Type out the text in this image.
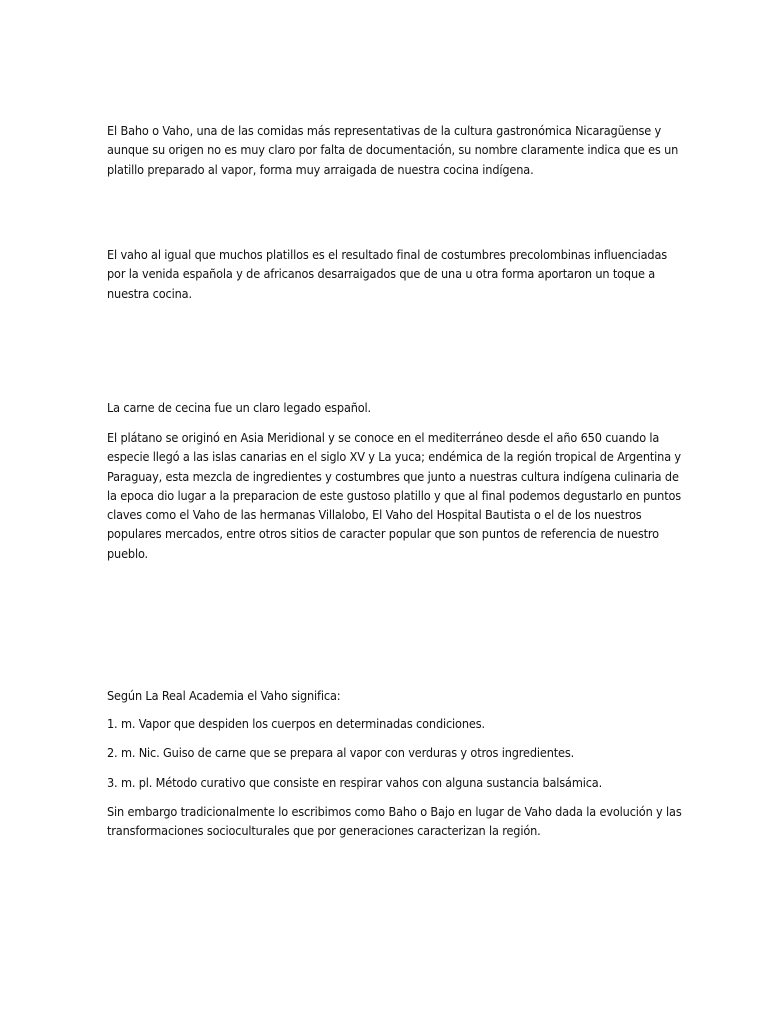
El Baho o Vaho, una de las comidas más representativas de la cultura gastronómica Nicaragüense y aunque su origen no es muy claro por falta de documentación, su nombre claramente indica que es un platillo preparado al vapor, forma muy arraigada de nuestra cocina indígena.

El vaho al igual que muchos platillos es el resultado final de costumbres precolombinas influenciadas por la venida española y de africanos desarraigados que de una u otra forma aportaron un toque a nuestra cocina.

La carne de cecina fue un claro legado español.

El plátano se originó en Asia Meridional y se conoce en el mediterráneo desde el año 650 cuando la especie llegó a las islas canarias en el siglo XV y La yuca; endémica de la región tropical de Argentina y Paraguay, esta mezcla de ingredientes y costumbres que junto a nuestras cultura indígena culinaria de la epoca dio lugar a la preparacion de este gustoso platillo y que al final podemos degustarlo en puntos claves como el Vaho de las hermanas Villalobo, El Vaho del Hospital Bautista o el de los nuestros populares mercados, entre otros sitios de caracter popular que son puntos de referencia de nuestro pueblo.

Según La Real Academia el Vaho significa:

1. m. Vapor que despiden los cuerpos en determinadas condiciones.

2. m. Nic. Guiso de carne que se prepara al vapor con verduras y otros ingredientes.

3. m. pl. Método curativo que consiste en respirar vahos con alguna sustancia balsámica.

Sin embargo tradicionalmente lo escribimos como Baho o Bajo en lugar de Vaho dada la evolución y las transformaciones socioculturales que por generaciones caracterizan la región.
